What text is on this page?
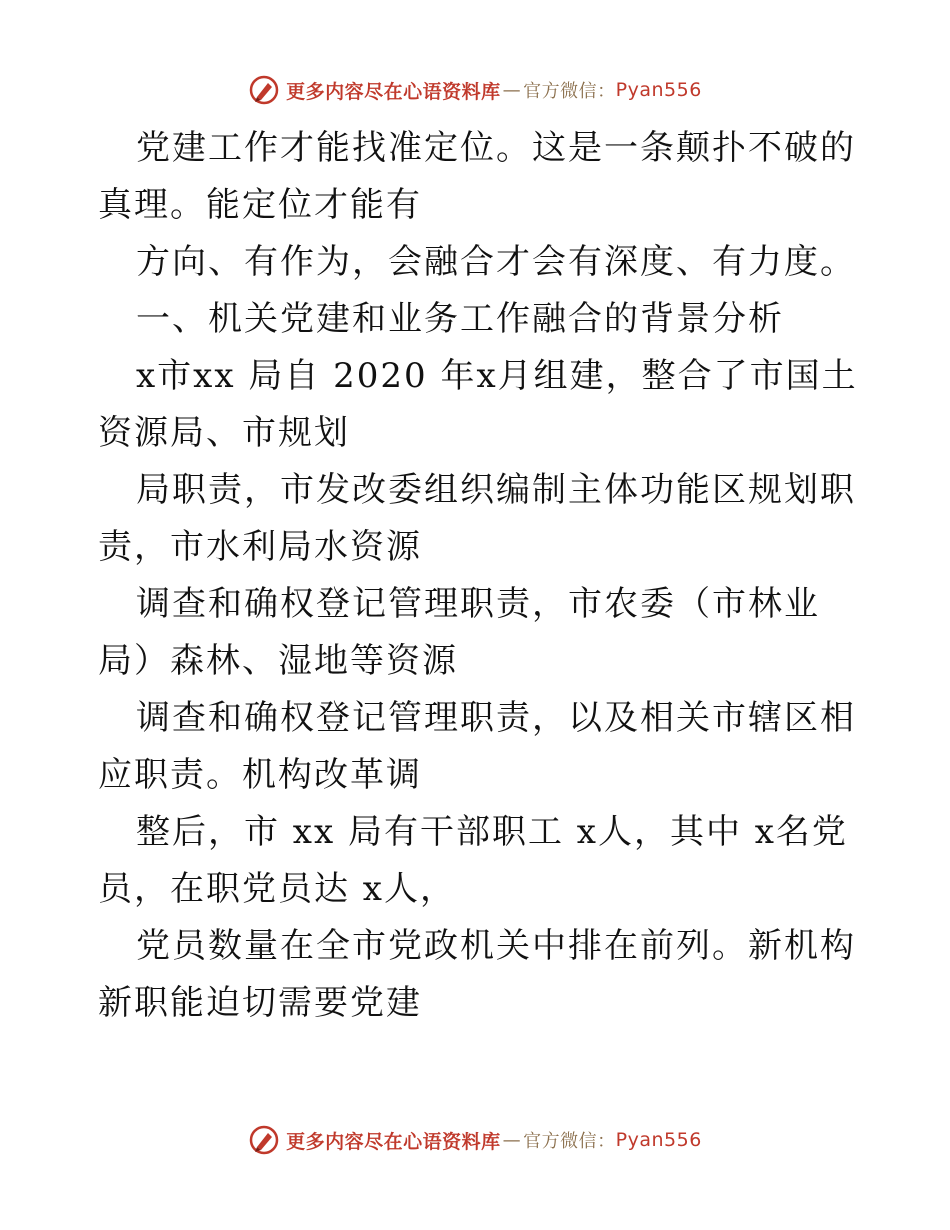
更多内容尽在心语资料库 — 官方微信： Pyan556

党建工作才能找准定位。这是一条颠扑不破的真理。能定位才能有

方向、有作为，会融合才会有深度、有力度。

一、机关党建和业务工作融合的背景分析

x市xx 局自 2020 年x月组建，整合了市国土资源局、市规划

局职责，市发改委组织编制主体功能区规划职责，市水利局水资源

调查和确权登记管理职责，市农委（市林业局）森林、湿地等资源

调查和确权登记管理职责，以及相关市辖区相应职责。机构改革调

整后，市 xx 局有干部职工 x人，其中 x名党员，在职党员达 x人，

党员数量在全市党政机关中排在前列。新机构新职能迫切需要党建

更多内容尽在心语资料库 — 官方微信： Pyan556
